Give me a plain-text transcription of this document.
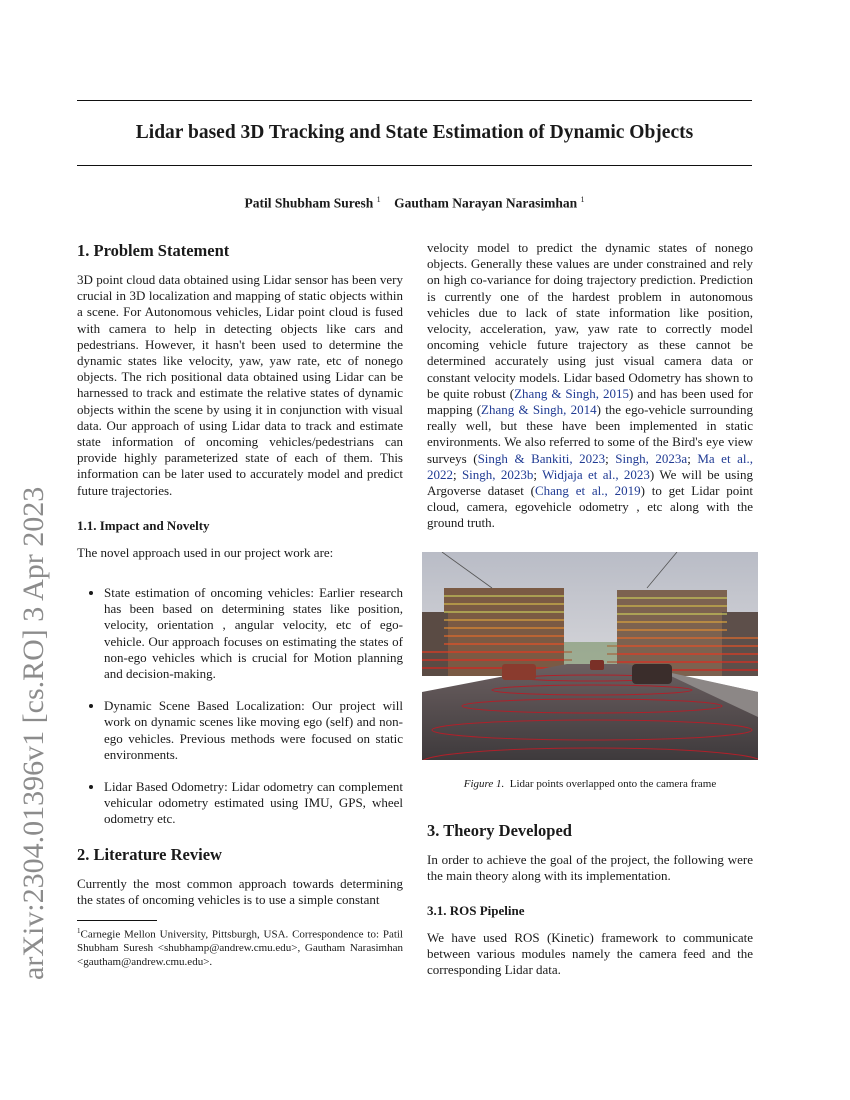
Lidar based 3D Tracking and State Estimation of Dynamic Objects
Patil Shubham Suresh $^1$ Gautham Narayan Narasimhan $^1$
arXiv:2304.01396v1 [cs.RO] 3 Apr 2023
1. Problem Statement

3D point cloud data obtained using Lidar sensor has been very crucial in 3D localization and mapping of static objects within a scene. For Autonomous vehicles, Lidar point cloud is fused with camera to help in detecting objects like cars and pedestrians. However, it hasn't been used to determine the dynamic states like velocity, yaw, yaw rate, etc of nonego objects. The rich positional data obtained using Lidar can be harnessed to track and estimate the relative states of dynamic objects within the scene by using it in conjunction with visual data. Our approach of using Lidar data to track and estimate state information of oncoming vehicles/pedestrians can provide highly parameterized state of each of them. This information can be later used to accurately model and predict future trajectories.

1.1. Impact and Novelty

The novel approach used in our project work are:

• State estimation of oncoming vehicles: Earlier research has been based on determining states like position, velocity, orientation , angular velocity, etc of ego-vehicle. Our approach focuses on estimating the states of non-ego vehicles which is crucial for Motion planning and decision-making.
• Dynamic Scene Based Localization: Our project will work on dynamic scenes like moving ego (self) and non-ego vehicles. Previous methods were focused on static environments.
• Lidar Based Odometry: Lidar odometry can complement vehicular odometry estimated using IMU, GPS, wheel odometry etc.
2. Literature Review

Currently the most common approach towards determining the states of oncoming vehicles is to use a simple constant

$^1$Carnegie Mellon University, Pittsburgh, USA. Correspondence to: Patil Shubham Suresh <shubhamp@andrew.cmu.edu>, Gautham Narasimhan <gautham@andrew.cmu.edu>.

velocity model to predict the dynamic states of nonego objects. Generally these values are under constrained and rely on high co-variance for doing trajectory prediction. Prediction is currently one of the hardest problem in autonomous vehicles due to lack of state information like position, velocity, acceleration, yaw, yaw rate to correctly model oncoming vehicle future trajectory as these cannot be determined accurately using just visual camera data or constant velocity models. Lidar based Odometry has shown to be quite robust (Zhang & Singh, 2015) and has been used for mapping (Zhang & Singh, 2014) the ego-vehicle surrounding really well, but these have been implemented in static environments. We also referred to some of the Bird's eye view surveys (Singh & Bankiti, 2023; Singh, 2023a; Ma et al., 2022; Singh, 2023b; Widjaja et al., 2023) We will be using Argoverse dataset (Chang et al., 2019) to get Lidar point cloud, camera, egovehicle odometry , etc along with the ground truth.

Figure 1. Lidar points overlapped onto the camera frame
3. Theory Developed

In order to achieve the goal of the project, the following were the main theory along with its implementation.

3.1. ROS Pipeline

We have used ROS (Kinetic) framework to communicate between various modules namely the camera feed and the corresponding Lidar data.
